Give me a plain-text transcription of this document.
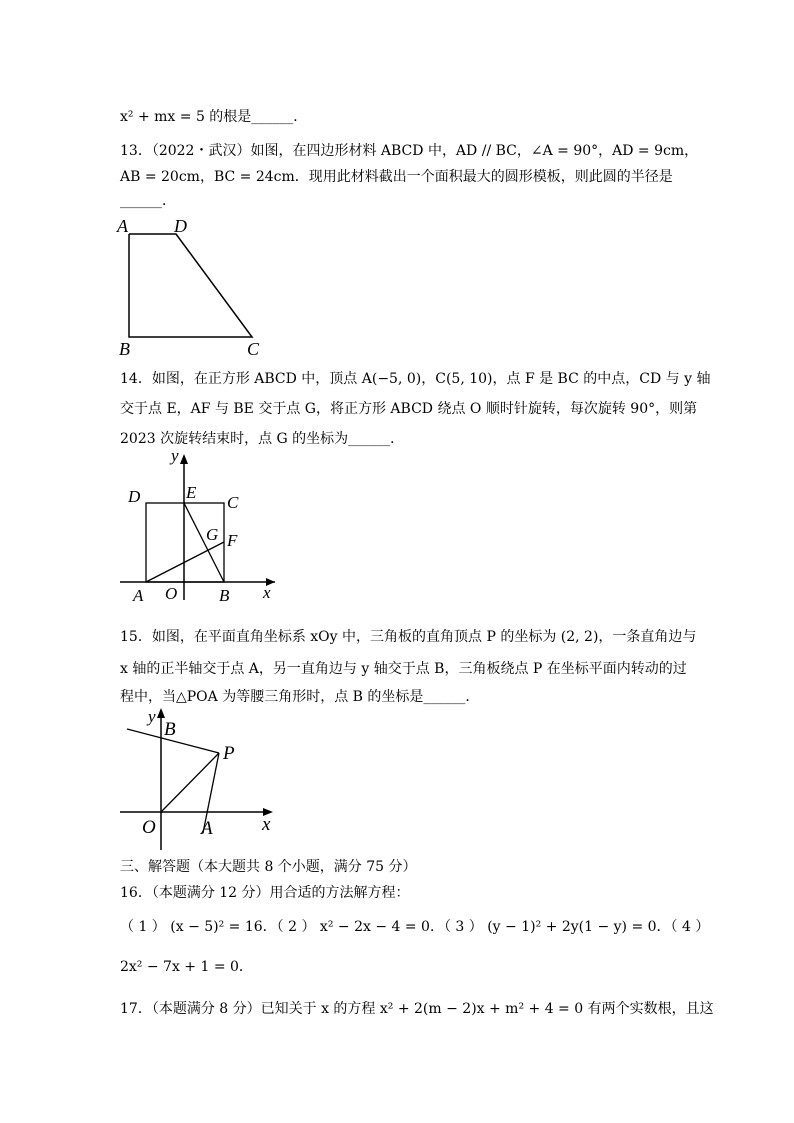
x² + mx = 5 的根是______．
13．（2022・武汉）如图，在四边形材料 ABCD 中，AD // BC，∠A = 90°，AD = 9cm，
AB = 20cm，BC = 24cm．现用此材料截出一个面积最大的圆形模板，则此圆的半径是
______．
A	D
B	C
14．如图，在正方形 ABCD 中，顶点 A(−5, 0)，C(5, 10)，点 F 是 BC 的中点，CD 与 y 轴
交于点 E，AF 与 BE 交于点 G，将正方形 ABCD 绕点 O 顺时针旋转，每次旋转 90°，则第
2023 次旋转结束时，点 G 的坐标为______．
D	E
C
G F
A O B x
y
15．如图，在平面直角坐标系 xOy 中，三角板的直角顶点 P 的坐标为 (2, 2)，一条直角边与
x 轴的正半轴交于点 A，另一直角边与 y 轴交于点 B，三角板绕点 P 在坐标平面内转动的过
程中，当△POA 为等腰三角形时，点 B 的坐标是______．
y
B
P
O A	x
三、解答题（本大题共 8 个小题，满分 75 分）
16．（本题满分 12 分）用合适的方法解方程：
（ 1 ） (x − 5)² = 16．（ 2 ） x² − 2x − 4 = 0．（ 3 ） (y − 1)² + 2y(1 − y) = 0．（ 4 ）
2x² − 7x + 1 = 0．
17．（本题满分 8 分）已知关于 x 的方程 x² + 2(m − 2)x + m² + 4 = 0 有两个实数根，且这
